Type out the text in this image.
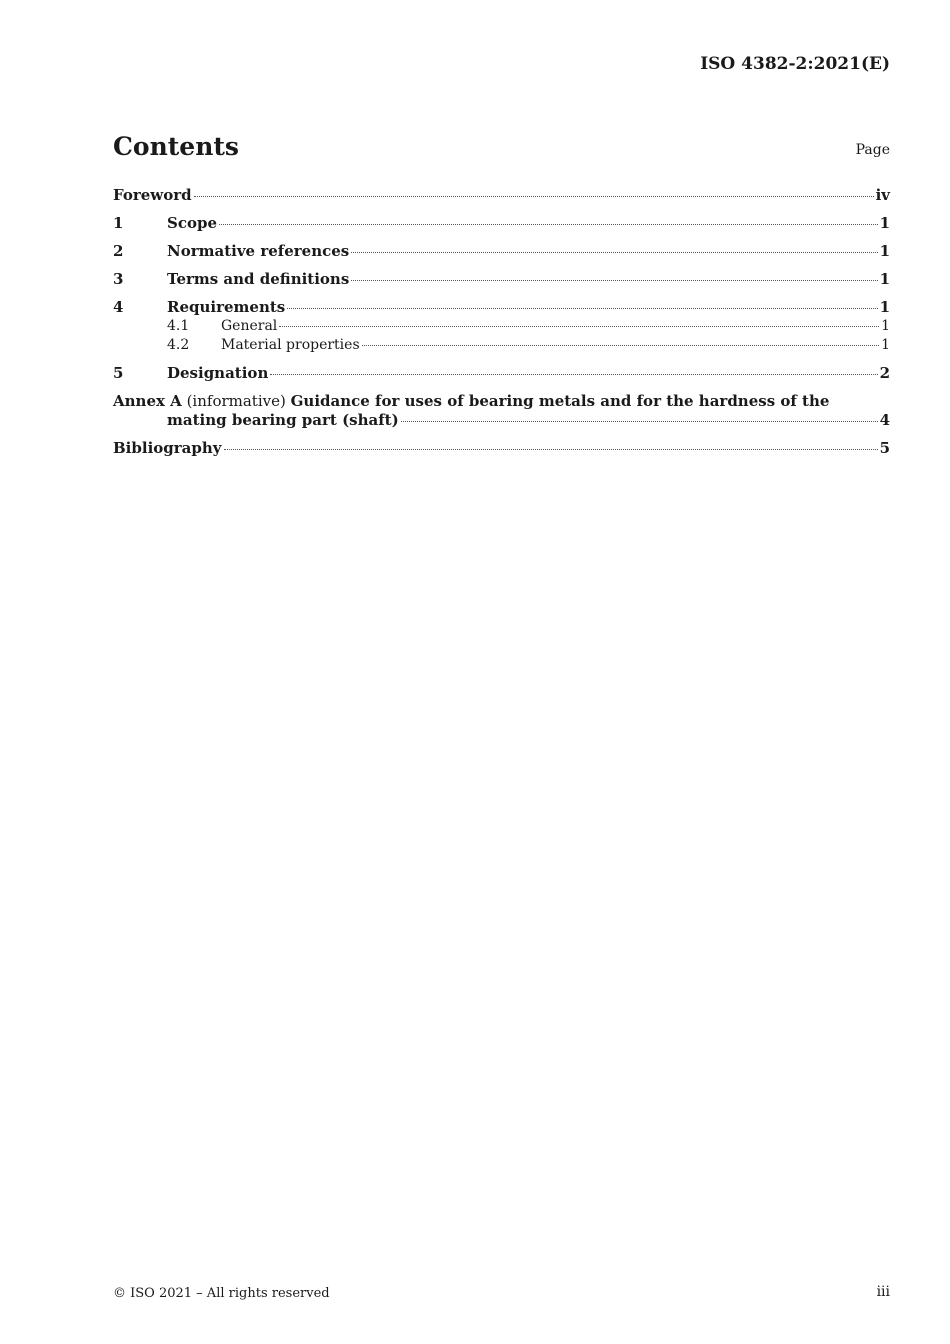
ISO 4382-2:2021(E)
Contents	Page
Foreword	iv
1	Scope	1
2	Normative references	1
3	Terms and definitions	1
4	Requirements	1
4.1	General	1
4.2	Material properties	1
5	Designation	2
Annex A (informative) Guidance for uses of bearing metals and for the hardness of the
mating bearing part (shaft)	4
Bibliography	5
© ISO 2021 – All rights reserved	iii
